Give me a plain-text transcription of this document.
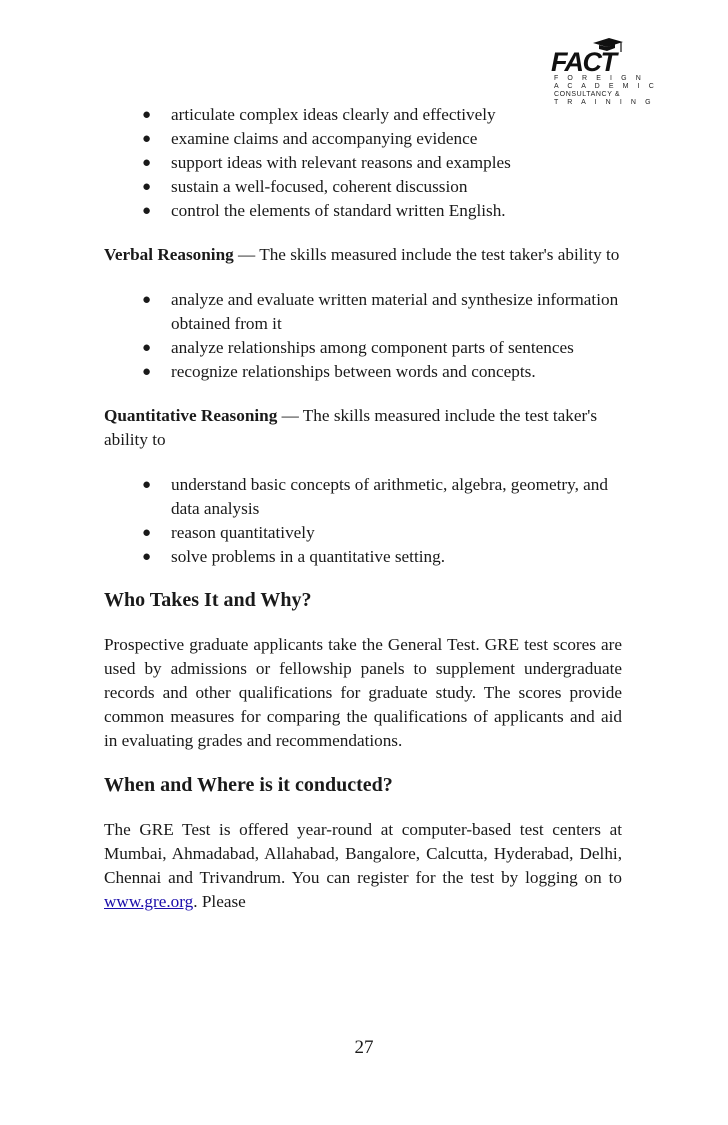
FACT
F O R E I G N
A C A D E M I C
CONSULTANCY &
T R A I N I N G
● articulate complex ideas clearly and effectively
● examine claims and accompanying evidence
● support ideas with relevant reasons and examples
● sustain a well-focused, coherent discussion
● control the elements of standard written English.

Verbal Reasoning — The skills measured include the test taker's ability to

● analyze and evaluate written material and synthesize information obtained from it
● analyze relationships among component parts of sentences
● recognize relationships between words and concepts.

Quantitative Reasoning — The skills measured include the test taker's ability to

● understand basic concepts of arithmetic, algebra, geometry, and data analysis
● reason quantitatively
● solve problems in a quantitative setting.
Who Takes It and Why?

Prospective graduate applicants take the General Test. GRE test scores are used by admissions or fellowship panels to supplement undergraduate records and other qualifications for graduate study. The scores provide common measures for comparing the qualifications of applicants and aid in evaluating grades and recommendations.

When and Where is it conducted?

The GRE Test is offered year-round at computer-based test centers at Mumbai, Ahmadabad, Allahabad, Bangalore, Calcutta, Hyderabad, Delhi, Chennai and Trivandrum. You can register for the test by logging on to www.gre.org. Please

27
